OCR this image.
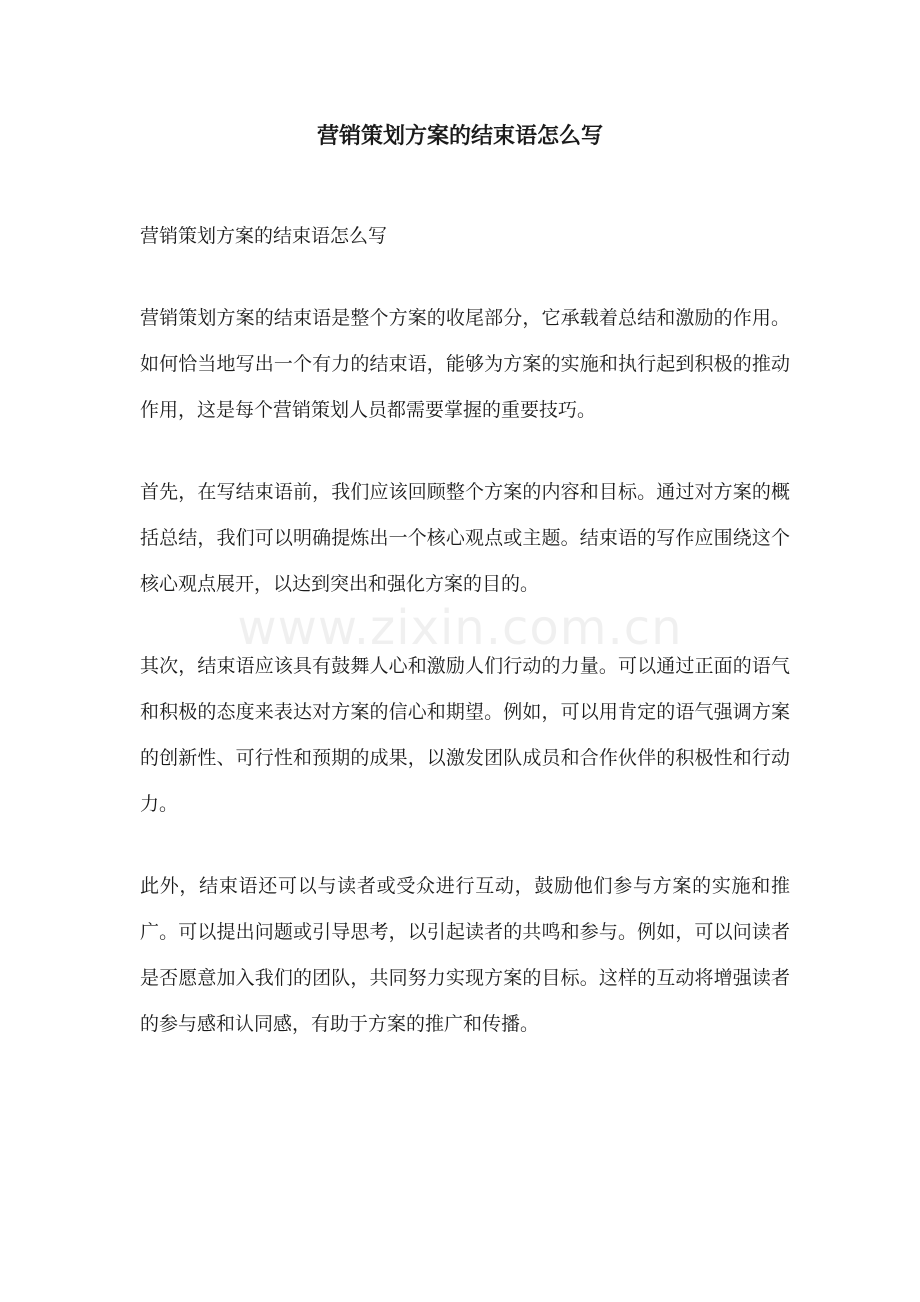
营销策划方案的结束语怎么写

营销策划方案的结束语怎么写

营销策划方案的结束语是整个方案的收尾部分，它承载着总结和激励的作用。如何恰当地写出一个有力的结束语，能够为方案的实施和执行起到积极的推动作用，这是每个营销策划人员都需要掌握的重要技巧。

首先，在写结束语前，我们应该回顾整个方案的内容和目标。通过对方案的概括总结，我们可以明确提炼出一个核心观点或主题。结束语的写作应围绕这个核心观点展开，以达到突出和强化方案的目的。

其次，结束语应该具有鼓舞人心和激励人们行动的力量。可以通过正面的语气和积极的态度来表达对方案的信心和期望。例如，可以用肯定的语气强调方案的创新性、可行性和预期的成果，以激发团队成员和合作伙伴的积极性和行动力。

此外，结束语还可以与读者或受众进行互动，鼓励他们参与方案的实施和推广。可以提出问题或引导思考，以引起读者的共鸣和参与。例如，可以问读者是否愿意加入我们的团队，共同努力实现方案的目标。这样的互动将增强读者的参与感和认同感，有助于方案的推广和传播。

www.zixin.com.cn
